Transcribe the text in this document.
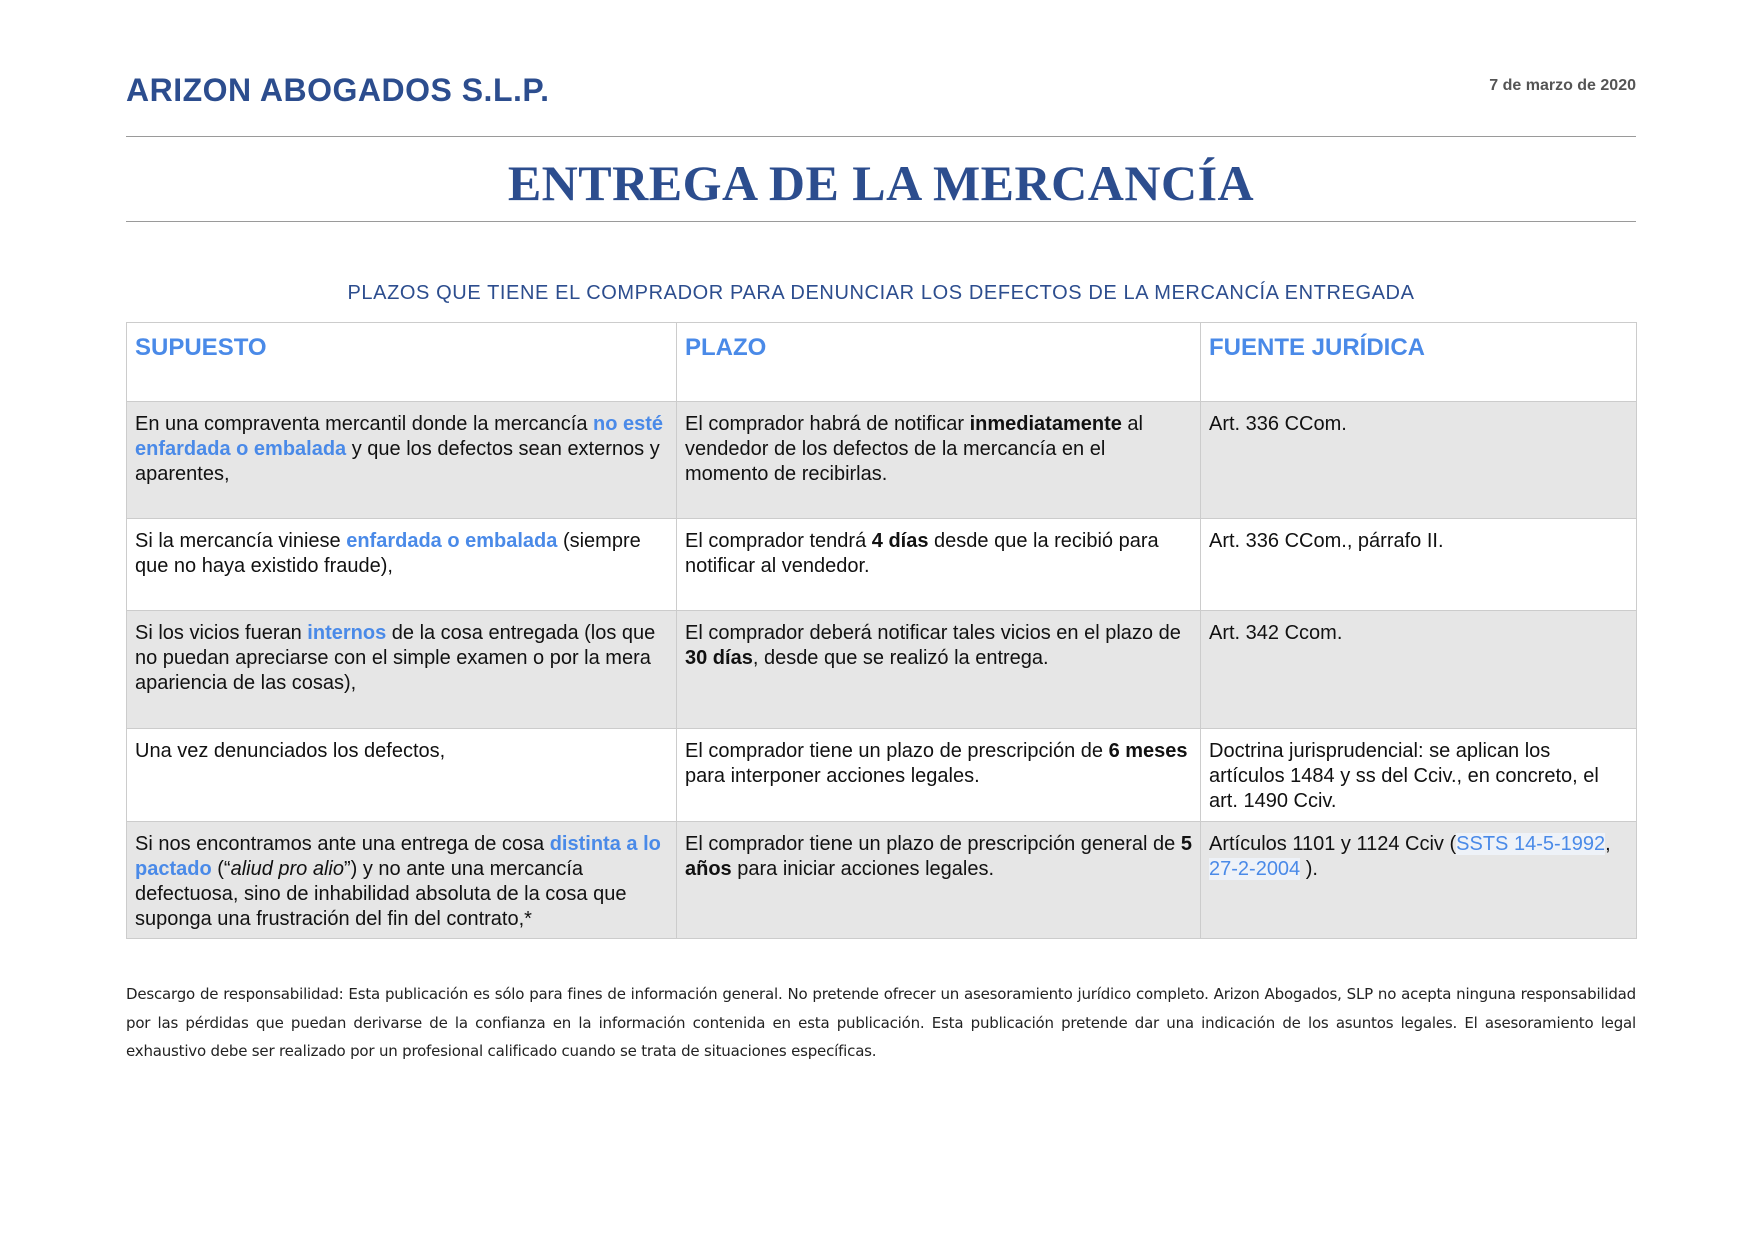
ARIZON ABOGADOS S.L.P.	7 de marzo de 2020
ENTREGA DE LA MERCANCÍA
PLAZOS QUE TIENE EL COMPRADOR PARA DENUNCIAR LOS DEFECTOS DE LA MERCANCÍA ENTREGADA
SUPUESTO	PLAZO	FUENTE JURÍDICA
En una compraventa mercantil donde la mercancía no esté enfardada o embalada y que los defectos sean externos y aparentes,	El comprador habrá de notificar inmediatamente al vendedor de los defectos de la mercancía en el momento de recibirlas.	Art. 336 CCom.
Si la mercancía viniese enfardada o embalada (siempre que no haya existido fraude),	El comprador tendrá 4 días desde que la recibió para notificar al vendedor.	Art. 336 CCom., párrafo II.
Si los vicios fueran internos de la cosa entregada (los que no puedan apreciarse con el simple examen o por la mera apariencia de las cosas),	El comprador deberá notificar tales vicios en el plazo de 30 días, desde que se realizó la entrega.	Art. 342 Ccom.
Una vez denunciados los defectos,	El comprador tiene un plazo de prescripción de 6 meses para interponer acciones legales.	Doctrina jurisprudencial: se aplican los artículos 1484 y ss del Cciv., en concreto, el art. 1490 Cciv.
Si nos encontramos ante una entrega de cosa distinta a lo pactado (“aliud pro alio”) y no ante una mercancía defectuosa, sino de inhabilidad absoluta de la cosa que suponga una frustración del fin del contrato,*	El comprador tiene un plazo de prescripción general de 5 años para iniciar acciones legales.	Artículos 1101 y 1124 Cciv (SSTS 14-5-1992, 27-2-2004 ).
Descargo de responsabilidad: Esta publicación es sólo para fines de información general. No pretende ofrecer un asesoramiento jurídico completo. Arizon Abogados, SLP no acepta ninguna responsabilidad por las pérdidas que puedan derivarse de la confianza en la información contenida en esta publicación. Esta publicación pretende dar una indicación de los asuntos legales. El asesoramiento legal exhaustivo debe ser realizado por un profesional calificado cuando se trata de situaciones específicas.
